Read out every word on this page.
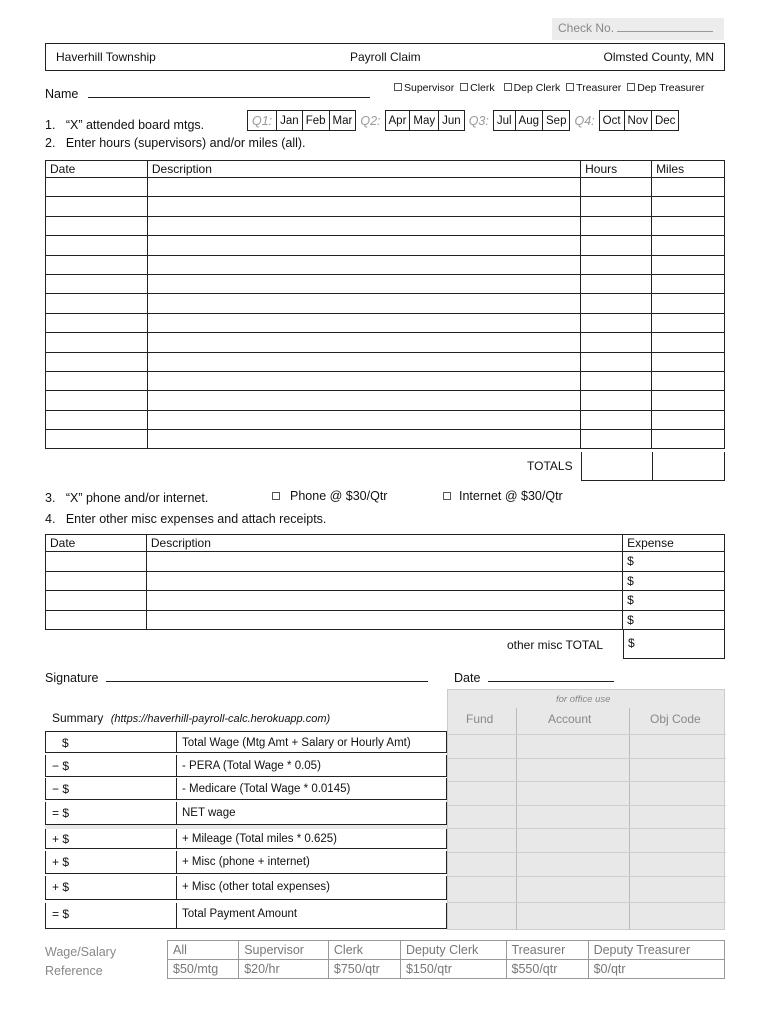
Check No.
Haverhill Township	Payroll Claim	Olmsted County, MN
Name	Supervisor Clerk Dep Clerk Treasurer Dep Treasurer
1.   “X” attended board mtgs.	Q1:	Jan	Feb	Mar	Q2:	Apr	May	Jun	Q3:	Jul	Aug	Sep	Q4:	Oct	Nov	Dec
2.   Enter hours (supervisors) and/or miles (all).
Date	Description	Hours	Miles

TOTALS
3.   “X” phone and/or internet.	Phone @ $30/Qtr	Internet @ $30/Qtr
4.   Enter other misc expenses and attach receipts.
Date	Description	Expense
		$
		$
		$
		$
other misc TOTAL	$
Signature	Date
for office use
Fund	Account	Obj Code
Summary (https://haverhill-payroll-calc.herokuapp.com)
$	Total Wage (Mtg Amt + Salary or Hourly Amt)
− $	- PERA (Total Wage * 0.05)
− $	- Medicare (Total Wage * 0.0145)
= $	NET wage
+ $	+ Mileage (Total miles * 0.625)
+ $	+ Misc (phone + internet)
+ $	+ Misc (other total expenses)
= $	Total Payment Amount
Wage/Salary
Reference
All	Supervisor	Clerk	Deputy Clerk	Treasurer	Deputy Treasurer
$50/mtg	$20/hr	$750/qtr	$150/qtr	$550/qtr	$0/qtr
